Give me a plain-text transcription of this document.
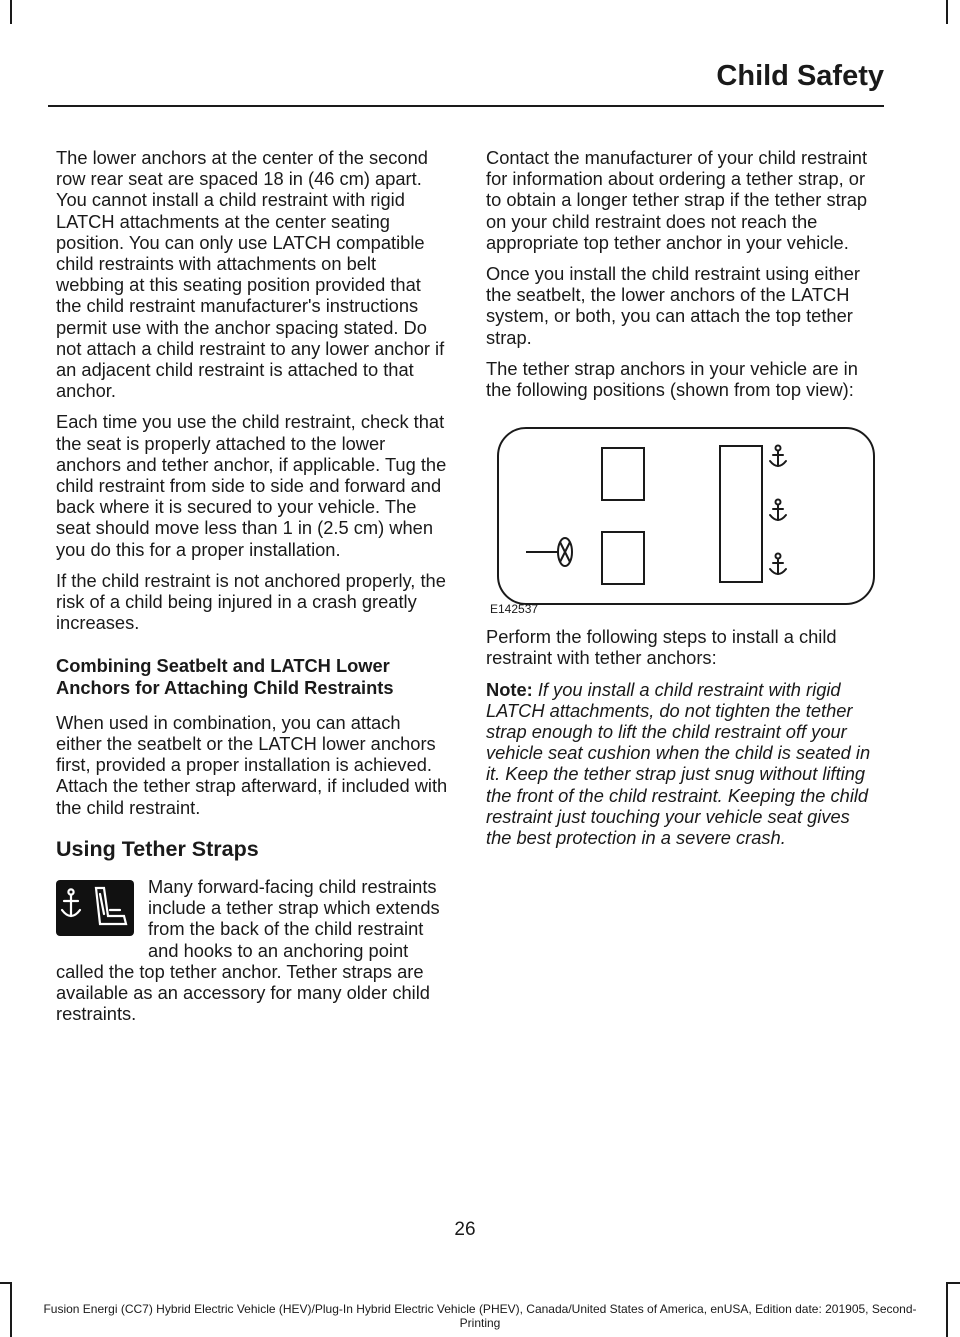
Child Safety

The lower anchors at the center of the second row rear seat are spaced 18 in (46 cm) apart. You cannot install a child restraint with rigid LATCH attachments at the center seating position. You can only use LATCH compatible child restraints with attachments on belt webbing at this seating position provided that the child restraint manufacturer's instructions permit use with the anchor spacing stated. Do not attach a child restraint to any lower anchor if an adjacent child restraint is attached to that anchor.

Each time you use the child restraint, check that the seat is properly attached to the lower anchors and tether anchor, if applicable. Tug the child restraint from side to side and forward and back where it is secured to your vehicle. The seat should move less than 1 in (2.5 cm) when you do this for a proper installation.

If the child restraint is not anchored properly, the risk of a child being injured in a crash greatly increases.

Combining Seatbelt and LATCH Lower Anchors for Attaching Child Restraints

When used in combination, you can attach either the seatbelt or the LATCH lower anchors first, provided a proper installation is achieved. Attach the tether strap afterward, if included with the child restraint.

Using Tether Straps

Many forward-facing child restraints include a tether strap which extends from the back of the child restraint and hooks to an anchoring point called the top tether anchor. Tether straps are available as an accessory for many older child restraints.

Contact the manufacturer of your child restraint for information about ordering a tether strap, or to obtain a longer tether strap if the tether strap on your child restraint does not reach the appropriate top tether anchor in your vehicle.

Once you install the child restraint using either the seatbelt, the lower anchors of the LATCH system, or both, you can attach the top tether strap.

The tether strap anchors in your vehicle are in the following positions (shown from top view):

E142537

Perform the following steps to install a child restraint with tether anchors:

Note: If you install a child restraint with rigid LATCH attachments, do not tighten the tether strap enough to lift the child restraint off your vehicle seat cushion when the child is seated in it. Keep the tether strap just snug without lifting the front of the child restraint. Keeping the child restraint just touching your vehicle seat gives the best protection in a severe crash.

26
Fusion Energi (CC7) Hybrid Electric Vehicle (HEV)/Plug-In Hybrid Electric Vehicle (PHEV), Canada/United States of America, enUSA, Edition date: 201905, Second-Printing
